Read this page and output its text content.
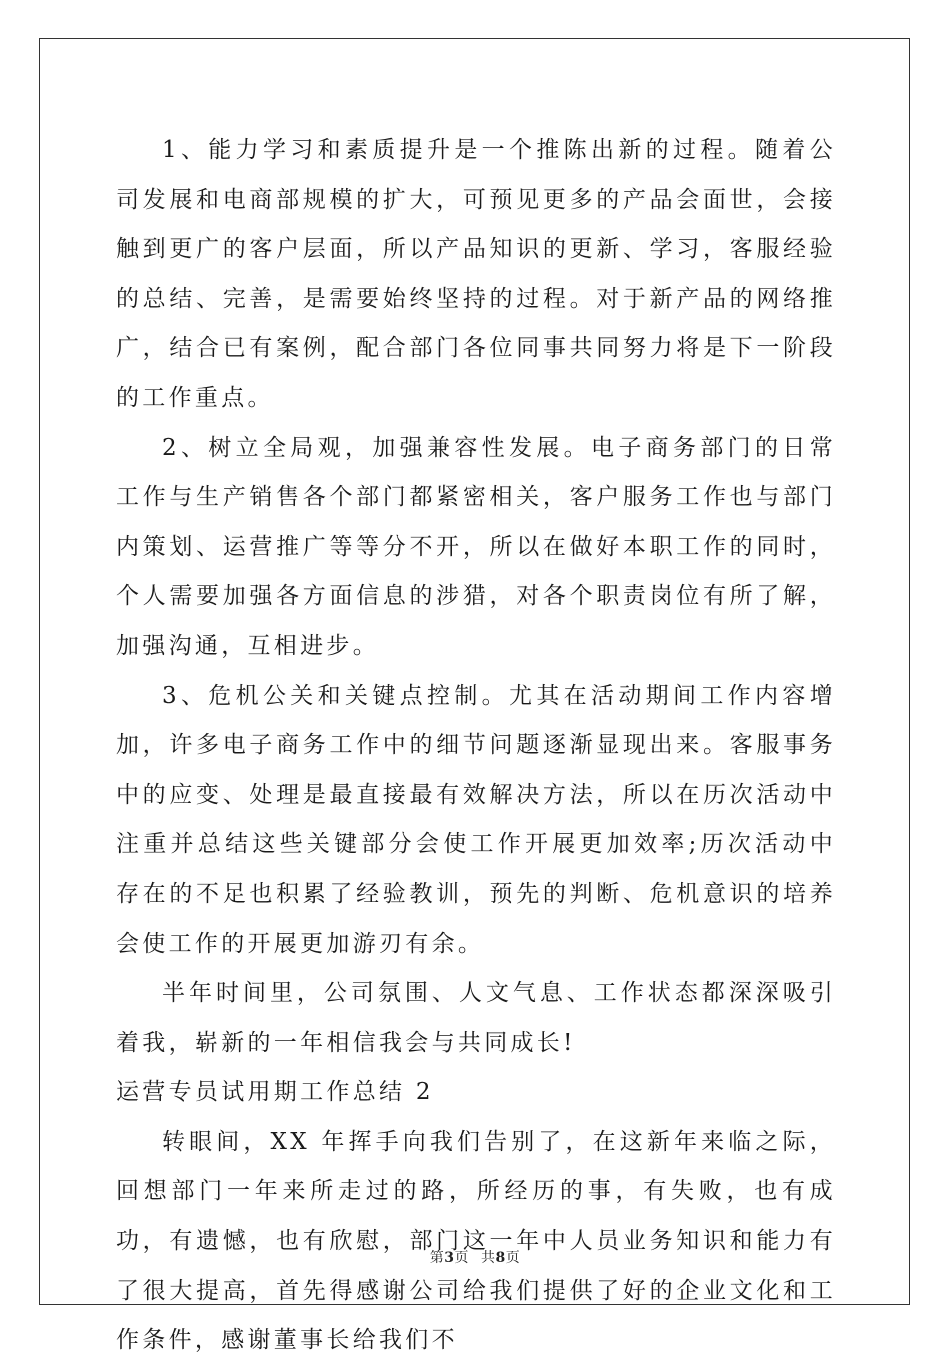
1、能力学习和素质提升是一个推陈出新的过程。随着公司发展和电商部规模的扩大，可预见更多的产品会面世，会接触到更广的客户层面，所以产品知识的更新、学习，客服经验的总结、完善，是需要始终坚持的过程。对于新产品的网络推广，结合已有案例，配合部门各位同事共同努力将是下一阶段的工作重点。

2、树立全局观，加强兼容性发展。电子商务部门的日常工作与生产销售各个部门都紧密相关，客户服务工作也与部门内策划、运营推广等等分不开，所以在做好本职工作的同时，个人需要加强各方面信息的涉猎，对各个职责岗位有所了解，加强沟通，互相进步。

3、危机公关和关键点控制。尤其在活动期间工作内容增加，许多电子商务工作中的细节问题逐渐显现出来。客服事务中的应变、处理是最直接最有效解决方法，所以在历次活动中注重并总结这些关键部分会使工作开展更加效率;历次活动中存在的不足也积累了经验教训，预先的判断、危机意识的培养会使工作的开展更加游刃有余。

半年时间里，公司氛围、人文气息、工作状态都深深吸引着我，崭新的一年相信我会与共同成长!

运营专员试用期工作总结 2

转眼间，XX 年挥手向我们告别了，在这新年来临之际，回想部门一年来所走过的路，所经历的事，有失败，也有成功，有遗憾，也有欣慰，部门这一年中人员业务知识和能力有了很大提高，首先得感谢公司给我们提供了好的企业文化和工作条件，感谢董事长给我们不

第3页 共8页
